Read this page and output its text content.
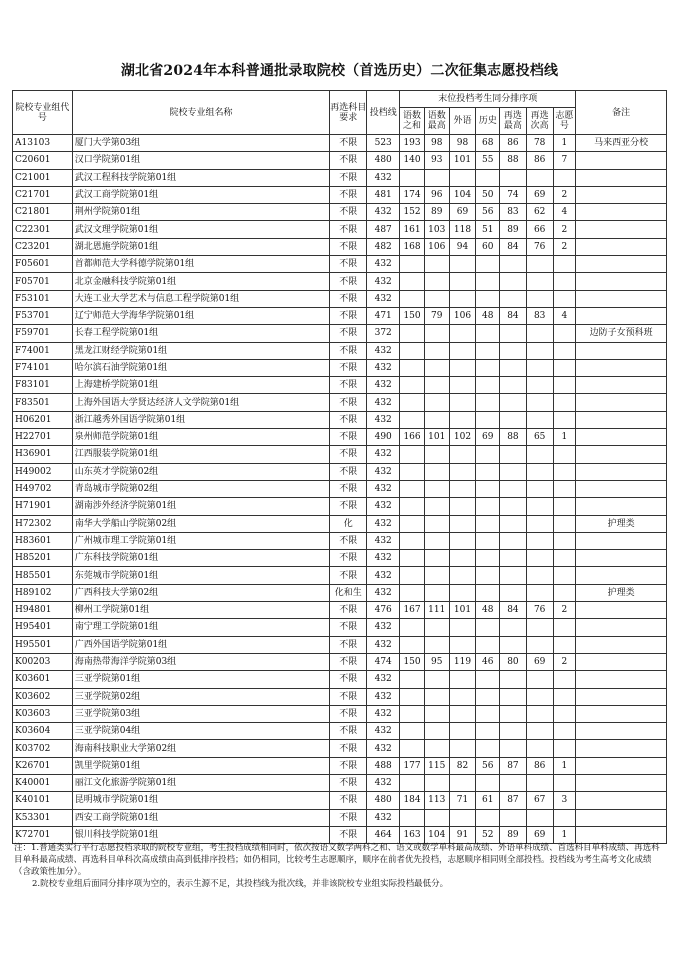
湖北省2024年本科普通批录取院校（首选历史）二次征集志愿投档线
院校专业组代号	院校专业组名称	再选科目要求	投档线	末位投档考生同分排序项							备注
				语数之和	语数最高	外语	历史	再选最高	再选次高	志愿号	
A13103	厦门大学第03组	不限	523	193	98	98	68	86	78	1	马来西亚分校
C20601	汉口学院第01组	不限	480	140	93	101	55	88	86	7	
C21001	武汉工程科技学院第01组	不限	432								
C21701	武汉工商学院第01组	不限	481	174	96	104	50	74	69	2	
C21801	荆州学院第01组	不限	432	152	89	69	56	83	62	4	
C22301	武汉文理学院第01组	不限	487	161	103	118	51	89	66	2	
C23201	湖北恩施学院第01组	不限	482	168	106	94	60	84	76	2	
F05601	首都师范大学科德学院第01组	不限	432								
F05701	北京金融科技学院第01组	不限	432								
F53101	大连工业大学艺术与信息工程学院第01组	不限	432								
F53701	辽宁师范大学海华学院第01组	不限	471	150	79	106	48	84	83	4	
F59701	长春工程学院第01组	不限	372								边防子女预科班
F74001	黑龙江财经学院第01组	不限	432								
F74101	哈尔滨石油学院第01组	不限	432								
F83101	上海建桥学院第01组	不限	432								
F83501	上海外国语大学贤达经济人文学院第01组	不限	432								
H06201	浙江越秀外国语学院第01组	不限	432								
H22701	泉州师范学院第01组	不限	490	166	101	102	69	88	65	1	
H36901	江西服装学院第01组	不限	432								
H49002	山东英才学院第02组	不限	432								
H49702	青岛城市学院第02组	不限	432								
H71901	湖南涉外经济学院第01组	不限	432								
H72302	南华大学船山学院第02组	化	432								护理类
H83601	广州城市理工学院第01组	不限	432								
H85201	广东科技学院第01组	不限	432								
H85501	东莞城市学院第01组	不限	432								
H89102	广西科技大学第02组	化和生	432								护理类
H94801	柳州工学院第01组	不限	476	167	111	101	48	84	76	2	
H95401	南宁理工学院第01组	不限	432								
H95501	广西外国语学院第01组	不限	432								
K00203	海南热带海洋学院第03组	不限	474	150	95	119	46	80	69	2	
K03601	三亚学院第01组	不限	432								
K03602	三亚学院第02组	不限	432								
K03603	三亚学院第03组	不限	432								
K03604	三亚学院第04组	不限	432								
K03702	海南科技职业大学第02组	不限	432								
K26701	凯里学院第01组	不限	488	177	115	82	56	87	86	1	
K40001	丽江文化旅游学院第01组	不限	432								
K40101	昆明城市学院第01组	不限	480	184	113	71	61	87	67	3	
K53301	西安工商学院第01组	不限	432								
K72701	银川科技学院第01组	不限	464	163	104	91	52	89	69	1	

注：1.普通类实行平行志愿投档录取的院校专业组，考生投档成绩相同时，依次按语文数学两科之和、语文或数学单科最高成绩、外语单科成绩、首选科目单科成绩、再选科目单科最高成绩、再选科目单科次高成绩由高到低排序投档；如仍相同，比较考生志愿顺序，顺序在前者优先投档，志愿顺序相同则全部投档。投档线为考生高考文化成绩（含政策性加分）。

2.院校专业组后面同分排序项为空的，表示生源不足，其投档线为批次线，并非该院校专业组实际投档最低分。
